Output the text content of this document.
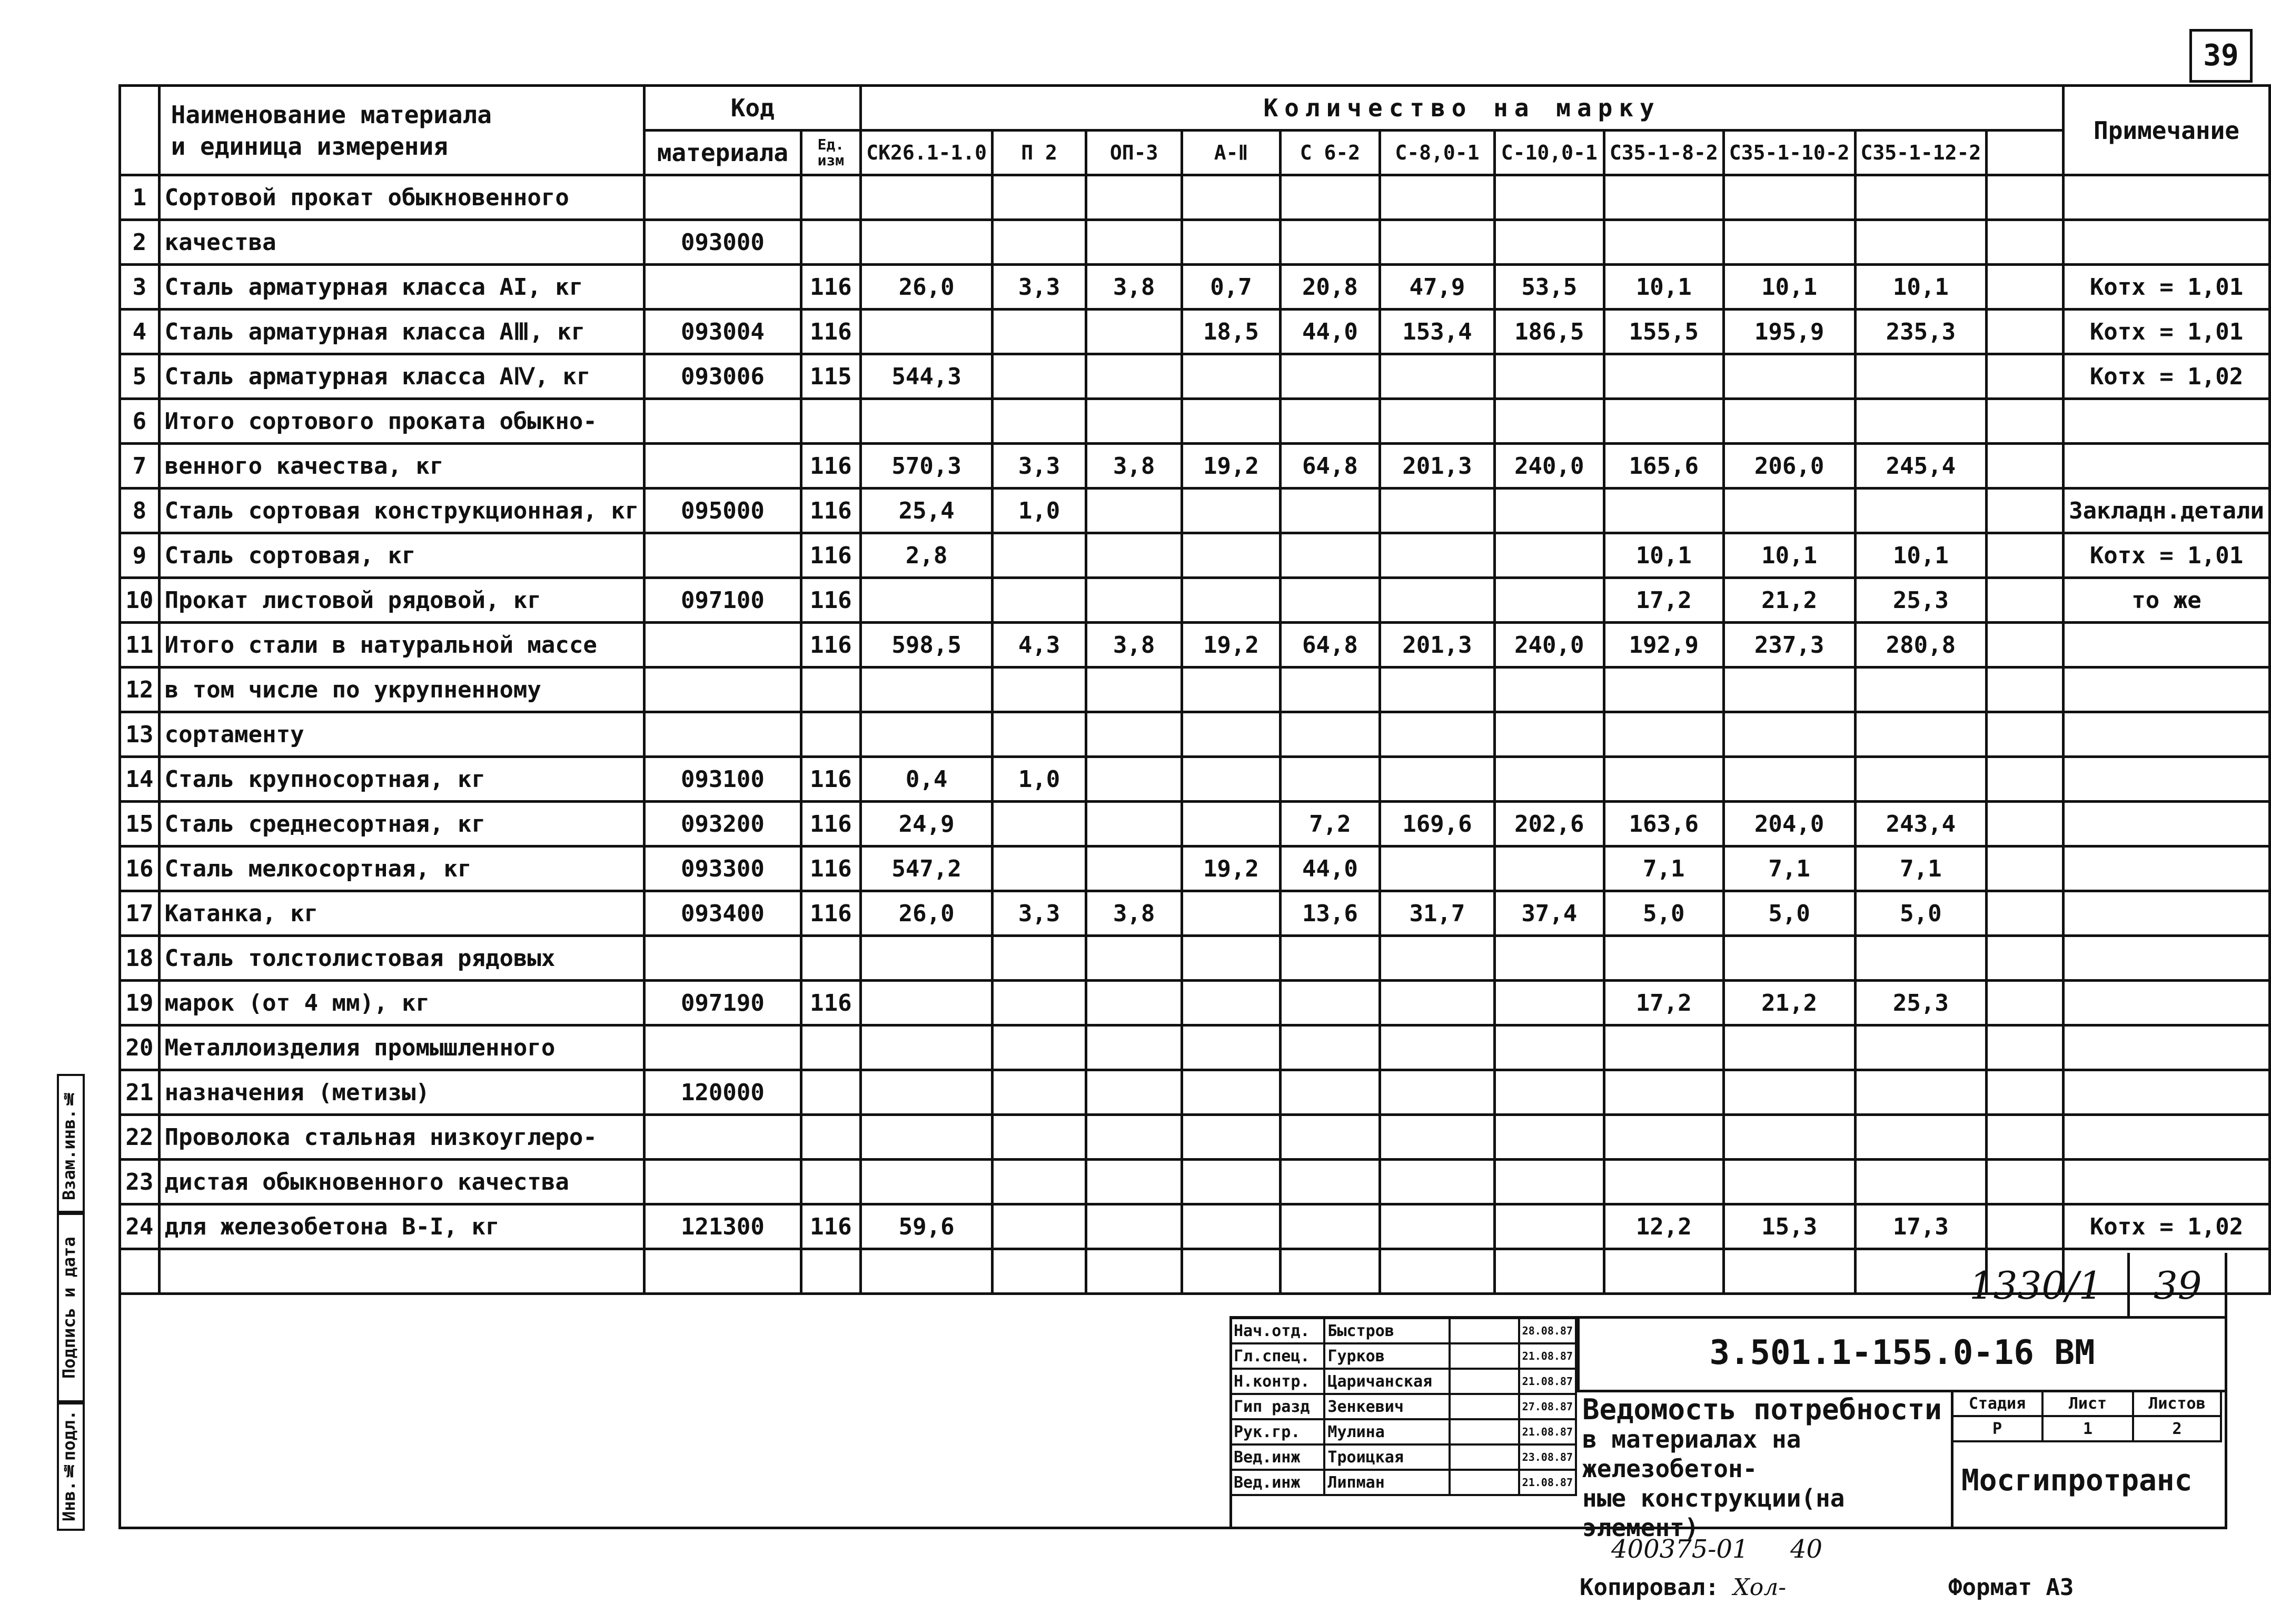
39
	Наименование материала
и единица измерения	Код		Количество на марку											Примечание
		материала	Ед. изм	СК26.1-1.0	П 2	ОП-3	А-Ⅱ	С 6-2	С-8,0-1	С-10,0-1	С35-1-8-2	С35-1-10-2	С35-1-12-2		
1	Сортовой прокат обыкновенного														
2	качества	093000													
3	Сталь арматурная класса АI, кг		116	26,0	3,3	3,8	0,7	20,8	47,9	53,5	10,1	10,1	10,1		Котх = 1,01
4	Сталь арматурная класса АⅢ, кг	093004	116				18,5	44,0	153,4	186,5	155,5	195,9	235,3		Котх = 1,01
5	Сталь арматурная класса АⅣ, кг	093006	115	544,3											Котх = 1,02
6	Итого сортового проката обыкно-														
7	венного качества, кг		116	570,3	3,3	3,8	19,2	64,8	201,3	240,0	165,6	206,0	245,4		
8	Сталь сортовая конструкционная, кг	095000	116	25,4	1,0										Закладн.детали
9	Сталь сортовая, кг		116	2,8							10,1	10,1	10,1		Котх = 1,01
10	Прокат листовой рядовой, кг	097100	116								17,2	21,2	25,3		то же
11	Итого стали в натуральной массе		116	598,5	4,3	3,8	19,2	64,8	201,3	240,0	192,9	237,3	280,8		
12	в том числе по укрупненному														
13	сортаменту														
14	Сталь крупносортная, кг	093100	116	0,4	1,0										
15	Сталь среднесортная, кг	093200	116	24,9				7,2	169,6	202,6	163,6	204,0	243,4		
16	Сталь мелкосортная, кг	093300	116	547,2			19,2	44,0			7,1	7,1	7,1		
17	Катанка, кг	093400	116	26,0	3,3	3,8		13,6	31,7	37,4	5,0	5,0	5,0		
18	Сталь толстолистовая рядовых														
19	марок (от 4 мм), кг	097190	116								17,2	21,2	25,3		
20	Металлоизделия промышленного														
21	назначения (метизы)	120000													
22	Проволока стальная низкоуглеро-														
23	дистая обыкновенного качества														
24	для железобетона В-I, кг	121300	116	59,6							12,2	15,3	17,3		Котх = 1,02

1330/1 39
Нач.отд.	Быстров		28.08.87
Гл.спец.	Гурков		21.08.87
Н.контр.	Царичанская		21.08.87
Гип разд	Зенкевич		27.08.87
Рук.гр.	Мулина		21.08.87
Вед.инж	Троицкая		23.08.87
Вед.инж	Липман		21.08.87
3.501.1-155.0-16 ВМ
Ведомость потребности
в материалах на железобетон-
ные конструкции(на элемент)
Стадия	Лист	Листов
Р	1	2
Мосгипротранс
Взам.инв.№
Подпись и дата
Инв.№подл.
400375-01 40
Копировал: Хол-	Формат А3
